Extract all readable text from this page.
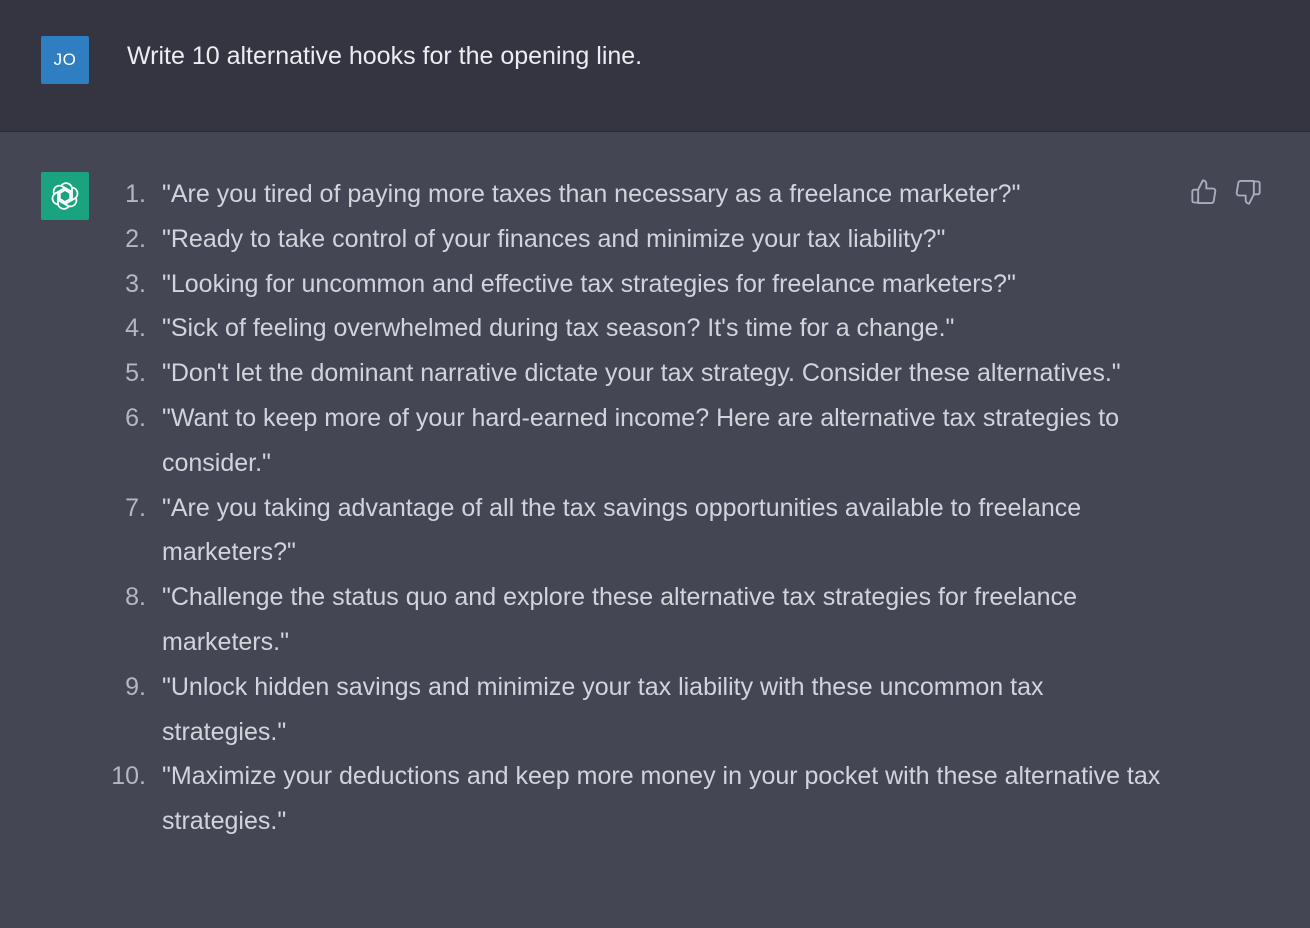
JO Write 10 alternative hooks for the opening line.
1. "Are you tired of paying more taxes than necessary as a freelance marketer?"
2. "Ready to take control of your finances and minimize your tax liability?"
3. "Looking for uncommon and effective tax strategies for freelance marketers?"
4. "Sick of feeling overwhelmed during tax season? It's time for a change."
5. "Don't let the dominant narrative dictate your tax strategy. Consider these alternatives."
6. "Want to keep more of your hard-earned income? Here are alternative tax strategies to consider."
7. "Are you taking advantage of all the tax savings opportunities available to freelance marketers?"
8. "Challenge the status quo and explore these alternative tax strategies for freelance marketers."
9. "Unlock hidden savings and minimize your tax liability with these uncommon tax strategies."
10. "Maximize your deductions and keep more money in your pocket with these alternative tax strategies."
